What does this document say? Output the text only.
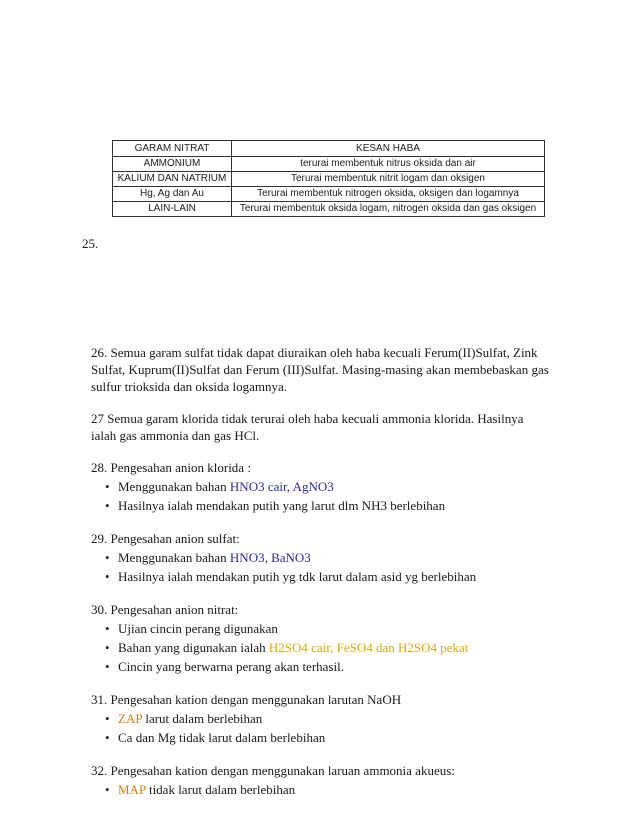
GARAM NITRAT	KESAN HABA
AMMONIUM	terurai membentuk nitrus oksida dan air
KALIUM DAN NATRIUM	Terurai membentuk nitrit logam dan oksigen
Hg, Ag dan Au	Terurai membentuk nitrogen oksida, oksigen dan logamnya
LAIN-LAIN	Terurai membentuk oksida logam, nitrogen oksida dan gas oksigen
25.

26. Semua garam sulfat tidak dapat diuraikan oleh haba kecuali Ferum(II)Sulfat, Zink Sulfat, Kuprum(II)Sulfat dan Ferum (III)Sulfat. Masing-masing akan membebaskan gas sulfur trioksida dan oksida logamnya.

27 Semua garam klorida tidak terurai oleh haba kecuali ammonia klorida. Hasilnya ialah gas ammonia dan gas HCl.

28. Pengesahan anion klorida :

• Menggunakan bahan HNO3 cair, AgNO3
• Hasilnya ialah mendakan putih yang larut dlm NH3 berlebihan

29. Pengesahan anion sulfat:

• Menggunakan bahan HNO3, BaNO3
• Hasilnya ialah mendakan putih yg tdk larut dalam asid yg berlebihan

30. Pengesahan anion nitrat:

• Ujian cincin perang digunakan
• Bahan yang digunakan ialah H2SO4 cair, FeSO4 dan H2SO4 pekat
• Cincin yang berwarna perang akan terhasil.

31. Pengesahan kation dengan menggunakan larutan NaOH

• ZAP larut dalam berlebihan
• Ca dan Mg tidak larut dalam berlebihan

32. Pengesahan kation dengan menggunakan laruan ammonia akueus:

• MAP tidak larut dalam berlebihan
